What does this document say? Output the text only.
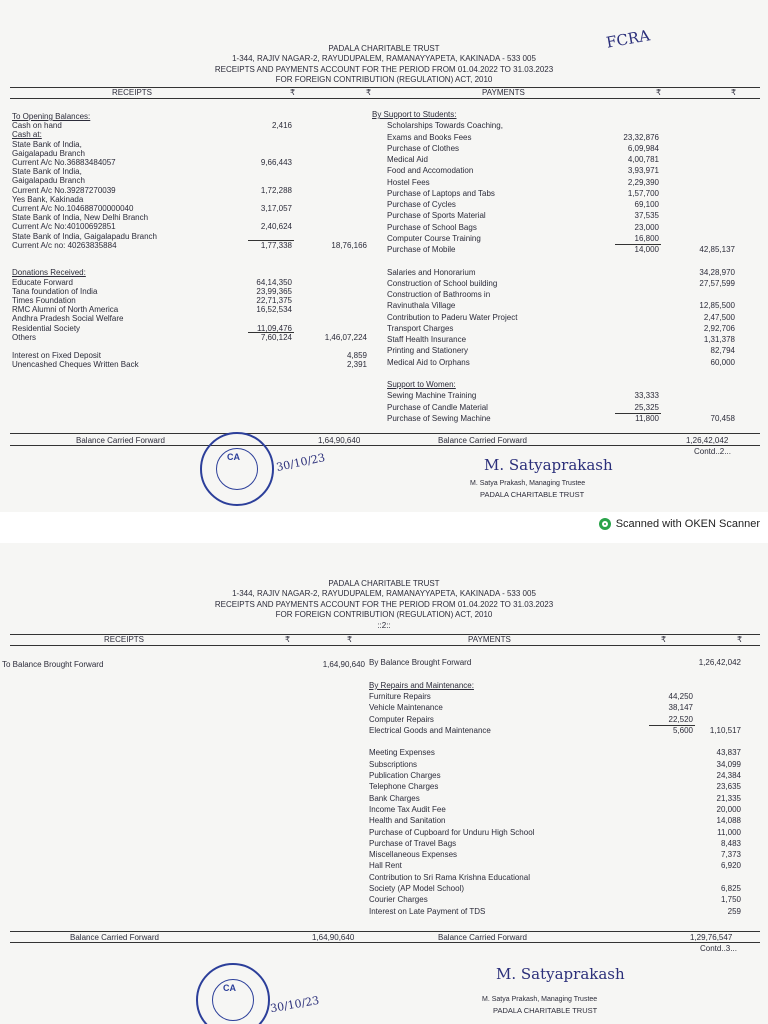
FCRA
PADALA CHARITABLE TRUST
1-344, RAJIV NAGAR-2, RAYUDUPALEM, RAMANAYYAPETA, KAKINADA - 533 005
RECEIPTS AND PAYMENTS ACCOUNT FOR THE PERIOD FROM 01.04.2022 TO 31.03.2023
FOR FOREIGN CONTRIBUTION (REGULATION) ACT, 2010
RECEIPTS	₹	₹	PAYMENTS	₹	₹
To Opening Balances:
Cash on hand	2,416
Cash at:
State Bank of India,
Gaigalapadu Branch
Current A/c No.36883484057	9,66,443
State Bank of India,
Gaigalapadu Branch
Current A/c No.39287270039	1,72,288
Yes Bank, Kakinada
Current A/c No.104688700000040	3,17,057
State Bank of India, New Delhi Branch
Current A/c No:40100692851	2,40,624
State Bank of India, Gaigalapadu Branch
Current A/c no: 40263835884	1,77,338	18,76,166
Donations Received:
Educate Forward	64,14,350
Tana foundation of India	23,99,365
Times Foundation	22,71,375
RMC Alumni of North America	16,52,534
Andhra Pradesh Social Welfare
Residential Society	11,09,476
Others	7,60,124	1,46,07,224
Interest on Fixed Deposit	4,859
Unencashed Cheques Written Back	2,391
By Support to Students:
Scholarships Towards Coaching,
Exams and Books Fees	23,32,876
Purchase of Clothes	6,09,984
Medical Aid	4,00,781
Food and Accomodation	3,93,971
Hostel Fees	2,29,390
Purchase of Laptops and Tabs	1,57,700
Purchase of Cycles	69,100
Purchase of Sports Material	37,535
Purchase of School Bags	23,000
Computer Course Training	16,800
Purchase of Mobile	14,000	42,85,137
Salaries and Honorarium	34,28,970
Construction of School building	27,57,599
Construction of Bathrooms in
Ravinuthala Village	12,85,500
Contribution to Paderu Water Project	2,47,500
Transport Charges	2,92,706
Staff Health Insurance	1,31,378
Printing and Stationery	82,794
Medical Aid to Orphans	60,000
Support to Women:
Sewing Machine Training	33,333
Purchase of Candle Material	25,325
Purchase of Sewing Machine	11,800	70,458
Balance Carried Forward	1,64,90,640	Balance Carried Forward	1,26,42,042
Contd..2...
CA	30/10/23	M. Satyaprakash
M. Satya Prakash, Managing Trustee
PADALA CHARITABLE TRUST
Scanned with OKEN Scanner
PADALA CHARITABLE TRUST
1-344, RAJIV NAGAR-2, RAYUDUPALEM, RAMANAYYAPETA, KAKINADA - 533 005
RECEIPTS AND PAYMENTS ACCOUNT FOR THE PERIOD FROM 01.04.2022 TO 31.03.2023
FOR FOREIGN CONTRIBUTION (REGULATION) ACT, 2010
::2::
RECEIPTS	₹	₹	PAYMENTS	₹	₹
To Balance Brought Forward	1,64,90,640 By Balance Brought Forward	1,26,42,042
By Repairs and Maintenance:
Furniture Repairs	44,250
Vehicle Maintenance	38,147
Computer Repairs	22,520
Electrical Goods and Maintenance	5,600	1,10,517
Meeting Expenses	43,837
Subscriptions	34,099
Publication Charges	24,384
Telephone Charges	23,635
Bank Charges	21,335
Income Tax Audit Fee	20,000
Health and Sanitation	14,088
Purchase of Cupboard for Unduru High School	11,000
Purchase of Travel Bags	8,483
Miscellaneous Expenses	7,373
Hall Rent	6,920
Contribution to Sri Rama Krishna Educational
Society (AP Model School)	6,825
Courier Charges	1,750
Interest on Late Payment of TDS	259
Balance Carried Forward	1,64,90,640	Balance Carried Forward	1,29,76,547
Contd..3...
CA
30/10/23
M. Satyaprakash
M. Satya Prakash, Managing Trustee
PADALA CHARITABLE TRUST
